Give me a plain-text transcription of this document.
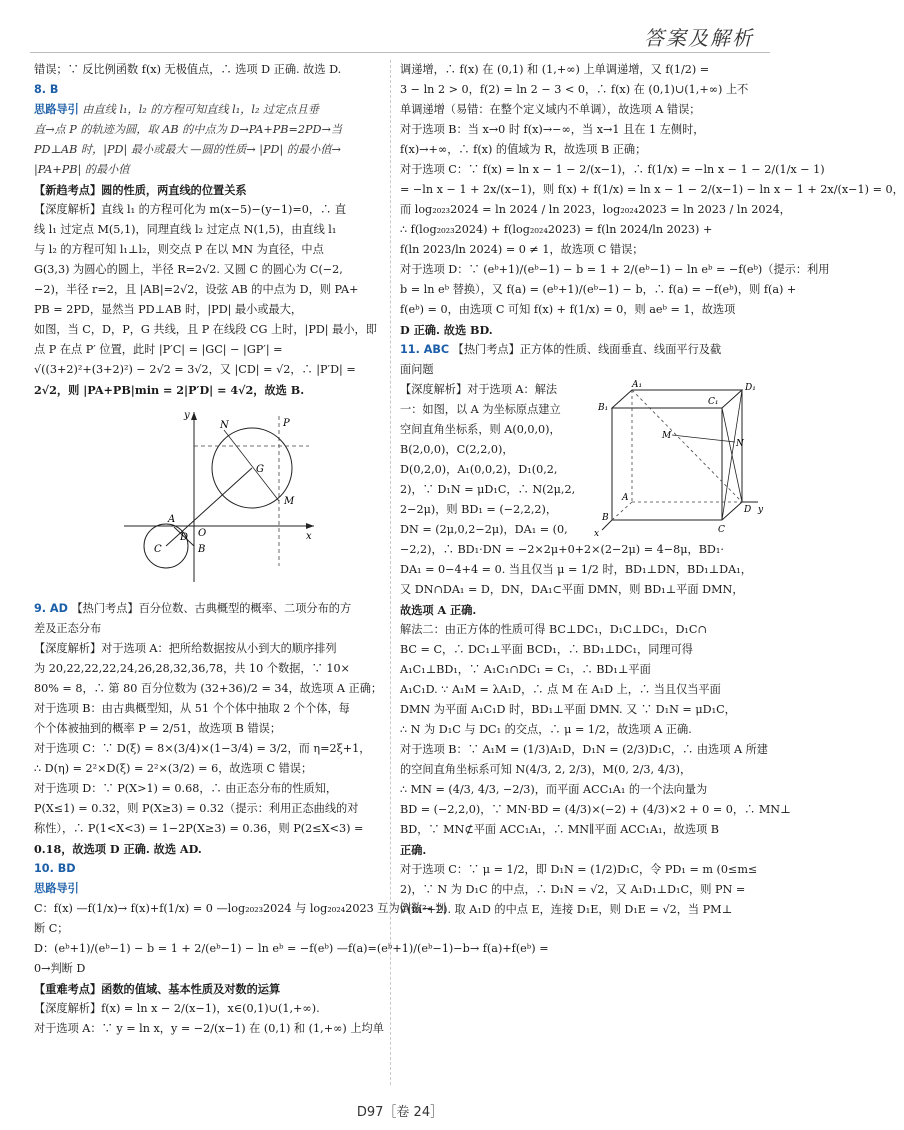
答案及解析
错误；∵ 反比例函数 f(x) 无极值点，∴ 选项 D 正确. 故选 D.
8. B
思路导引 由直线 l₁，l₂ 的方程可知直线 l₁，l₂ 过定点且垂
直→点 P 的轨迹为圆，取 AB 的中点为 D→PA+PB=2PD→当
PD⊥AB 时，|PD| 最小或最大 —圆的性质→ |PD| 的最小值→
|PA+PB| 的最小值
【新趋考点】圆的性质，两直线的位置关系
【深度解析】直线 l₁ 的方程可化为 m(x−5)−(y−1)=0，∴ 直
线 l₁ 过定点 M(5,1)，同理直线 l₂ 过定点 N(1,5)，由直线 l₁
与 l₂ 的方程可知 l₁⊥l₂，则交点 P 在以 MN 为直径，中点
G(3,3) 为圆心的圆上，半径 R=2√2. 又圆 C 的圆心为 C(−2,
−2)，半径 r=2，且 |AB|=2√2，设弦 AB 的中点为 D，则 PA+
PB = 2PD，显然当 PD⊥AB 时，|PD| 最小或最大，
如图，当 C，D，P，G 共线，且 P 在线段 CG 上时，|PD| 最小，即
点 P 在点 P′ 位置，此时 |P′C| = |GC| − |GP′| =
√((3+2)²+(3+2)²) − 2√2 = 3√2，又 |CD| = √2，∴ |P′D| =
2√2，则 |PA+PB|min = 2|P′D| = 4√2，故选 B.
N	P
G
M
A
C
D
B
O	x
y
9. AD 【热门考点】百分位数、古典概型的概率、二项分布的方
差及正态分布
【深度解析】对于选项 A：把所给数据按从小到大的顺序排列
为 20,22,22,22,24,26,28,32,36,78，共 10 个数据，∵ 10×
80% = 8，∴ 第 80 百分位数为 (32+36)/2 = 34，故选项 A 正确；
对于选项 B：由古典概型知，从 51 个个体中抽取 2 个个体，每
个个体被抽到的概率 P = 2/51，故选项 B 错误；
对于选项 C：∵ D(ξ) = 8×(3/4)×(1−3/4) = 3/2，而 η=2ξ+1，
∴ D(η) = 2²×D(ξ) = 2²×(3/2) = 6，故选项 C 错误；
对于选项 D：∵ P(X>1) = 0.68，∴ 由正态分布的性质知，
P(X≤1) = 0.32，则 P(X≥3) = 0.32（提示：利用正态曲线的对
称性），∴ P(1<X<3) = 1−2P(X≥3) = 0.36，则 P(2≤X<3) =
0.18，故选项 D 正确. 故选 AD.
10. BD
思路导引
C：f(x) —f(1/x)→ f(x)+f(1/x) = 0 —log₂₀₂₃2024 与 log₂₀₂₄2023 互为倒数→ 判
断 C；
D：(eᵇ+1)/(eᵇ−1) − b = 1 + 2/(eᵇ−1) − ln eᵇ = −f(eᵇ) —f(a)=(eᵇ+1)/(eᵇ−1)−b→ f(a)+f(eᵇ) =
0→判断 D
【重难考点】函数的值域、基本性质及对数的运算
【深度解析】f(x) = ln x − 2/(x−1)，x∈(0,1)∪(1,+∞).
对于选项 A：∵ y = ln x，y = −2/(x−1) 在 (0,1) 和 (1,+∞) 上均单
调递增，∴ f(x) 在 (0,1) 和 (1,+∞) 上单调递增，又 f(1/2) =
3 − ln 2 > 0，f(2) = ln 2 − 3 < 0，∴ f(x) 在 (0,1)∪(1,+∞) 上不
单调递增（易错：在整个定义域内不单调），故选项 A 错误；
对于选项 B：当 x→0 时 f(x)→−∞，当 x→1 且在 1 左侧时，
f(x)→+∞，∴ f(x) 的值域为 R，故选项 B 正确；
对于选项 C：∵ f(x) = ln x − 1 − 2/(x−1)，∴ f(1/x) = −ln x − 1 − 2/(1/x − 1)
= −ln x − 1 + 2x/(x−1)，则 f(x) + f(1/x) = ln x − 1 − 2/(x−1) − ln x − 1 + 2x/(x−1) = 0，
而 log₂₀₂₃2024 = ln 2024 / ln 2023，log₂₀₂₄2023 = ln 2023 / ln 2024，
∴ f(log₂₀₂₃2024) + f(log₂₀₂₄2023) = f(ln 2024/ln 2023) +
f(ln 2023/ln 2024) = 0 ≠ 1，故选项 C 错误；
对于选项 D：∵ (eᵇ+1)/(eᵇ−1) − b = 1 + 2/(eᵇ−1) − ln eᵇ = −f(eᵇ)（提示：利用
b = ln eᵇ 替换），又 f(a) = (eᵇ+1)/(eᵇ−1) − b，∴ f(a) = −f(eᵇ)，则 f(a) +
f(eᵇ) = 0，由选项 C 可知 f(x) + f(1/x) = 0，则 aeᵇ = 1，故选项
D 正确. 故选 BD.
11. ABC 【热门考点】正方体的性质、线面垂直、线面平行及截
面问题
【深度解析】对于选项 A：解法
一：如图，以 A 为坐标原点建立
空间直角坐标系，则 A(0,0,0)，
B(2,0,0)，C(2,2,0)，
D(0,2,0)，A₁(0,0,2)，D₁(0,2,
2)，∵ D₁N = μD₁C，∴ N(2μ,2,
2−2μ)，则 BD₁ = (−2,2,2)，
DN = (2μ,0,2−2μ)，DA₁ = (0,
A₁	D₁
B₁
C₁
M
N
A
D
B
C
x
y
−2,2)，∴ BD₁·DN = −2×2μ+0+2×(2−2μ) = 4−8μ，BD₁·
DA₁ = 0−4+4 = 0. 当且仅当 μ = 1/2 时，BD₁⊥DN，BD₁⊥DA₁，
又 DN∩DA₁ = D，DN，DA₁⊂平面 DMN，则 BD₁⊥平面 DMN，
故选项 A 正确.
解法二：由正方体的性质可得 BC⊥DC₁，D₁C⊥DC₁，D₁C∩
BC = C，∴ DC₁⊥平面 BCD₁，∴ BD₁⊥DC₁，同理可得
A₁C₁⊥BD₁，∵ A₁C₁∩DC₁ = C₁，∴ BD₁⊥平面
A₁C₁D. ∵ A₁M = λA₁D，∴ 点 M 在 A₁D 上，∴ 当且仅当平面
DMN 为平面 A₁C₁D 时，BD₁⊥平面 DMN. 又 ∵ D₁N = μD₁C，
∴ N 为 D₁C 与 DC₁ 的交点，∴ μ = 1/2，故选项 A 正确.
对于选项 B：∵ A₁M = (1/3)A₁D，D₁N = (2/3)D₁C，∴ 由选项 A 所建
的空间直角坐标系可知 N(4/3, 2, 2/3)，M(0, 2/3, 4/3)，
∴ MN = (4/3, 4/3, −2/3)，而平面 ACC₁A₁ 的一个法向量为
BD = (−2,2,0)，∵ MN·BD = (4/3)×(−2) + (4/3)×2 + 0 = 0，∴ MN⊥
BD，∵ MN⊄平面 ACC₁A₁，∴ MN∥平面 ACC₁A₁，故选项 B
正确.
对于选项 C：∵ μ = 1/2，即 D₁N = (1/2)D₁C，令 PD₁ = m (0≤m≤
2)，∵ N 为 D₁C 的中点，∴ D₁N = √2，又 A₁D₁⊥D₁C，则 PN =
√(m²+2). 取 A₁D 的中点 E，连接 D₁E，则 D₁E = √2，当 PM⊥
D97［卷 24］
